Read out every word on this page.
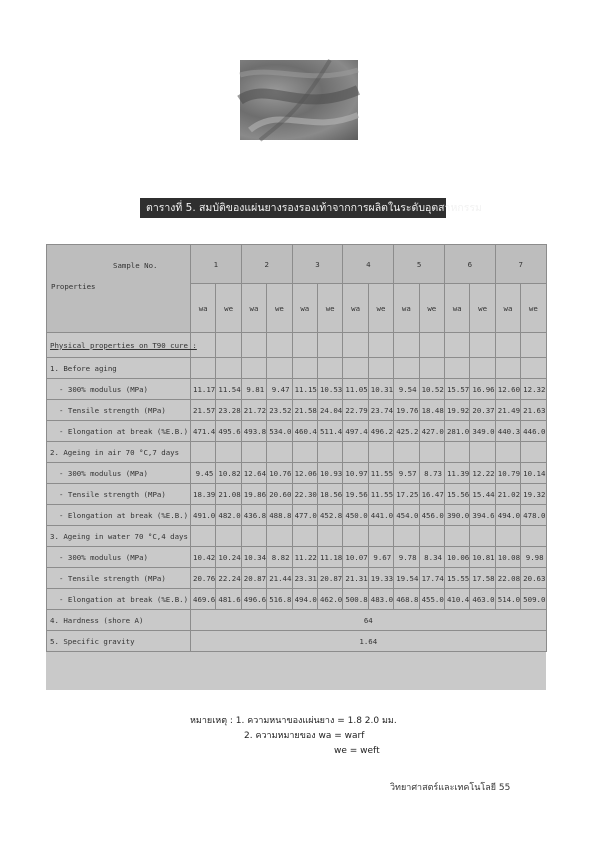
ตารางที่ 5. สมบัติของแผ่นยางรองรองเท้าจากการผลิตในระดับอุตสาหกรรม
Sample No.
Properties	1		2		3		4		5		6		7	
	wa	we	wa	we	wa	we	wa	we	wa	we	wa	we	wa	we
Physical properties on T90 cure :														
1. Before aging														
- 300% modulus (MPa)	11.17	11.54	9.81	9.47	11.15	10.53	11.05	10.31	9.54	10.52	15.57	16.96	12.60	12.32
- Tensile strength (MPa)	21.57	23.28	21.72	23.52	21.58	24.04	22.79	23.74	19.76	18.48	19.92	20.37	21.49	21.63
- Elongation at break (%E.B.)	471.4	495.6	493.8	534.0	460.4	511.4	497.4	496.2	425.2	427.0	281.0	349.0	440.3	446.0
2. Ageing in air 70 °C,7 days														
- 300% modulus (MPa)	9.45	10.82	12.64	10.76	12.06	10.93	10.97	11.55	9.57	8.73	11.39	12.22	10.79	10.14
- Tensile strength (MPa)	18.39	21.08	19.86	20.60	22.30	18.56	19.56	11.55	17.25	16.47	15.56	15.44	21.02	19.32
- Elongation at break (%E.B.)	491.0	482.0	436.8	488.8	477.0	452.8	450.0	441.0	454.0	456.0	390.0	394.6	494.0	478.0
3. Ageing in water 70 °C,4 days														
- 300% modulus (MPa)	10.42	10.24	10.34	8.82	11.22	11.18	10.07	9.67	9.78	8.34	10.06	10.81	10.08	9.98
- Tensile strength (MPa)	20.76	22.24	20.87	21.44	23.31	20.87	21.31	19.33	19.54	17.74	15.55	17.58	22.08	20.63
- Elongation at break (%E.B.)	469.6	481.6	496.6	516.8	494.0	462.0	500.8	483.0	468.8	455.0	410.4	463.0	514.0	509.0
4. Hardness (shore A)	64													
5. Specific gravity	1.64													
หมายเหตุ : 1. ความหนาของแผ่นยาง = 1.8 2.0 มม.
2. ความหมายของ wa = warf
we = weft
วิทยาศาสตร์และเทคโนโลยี 55
